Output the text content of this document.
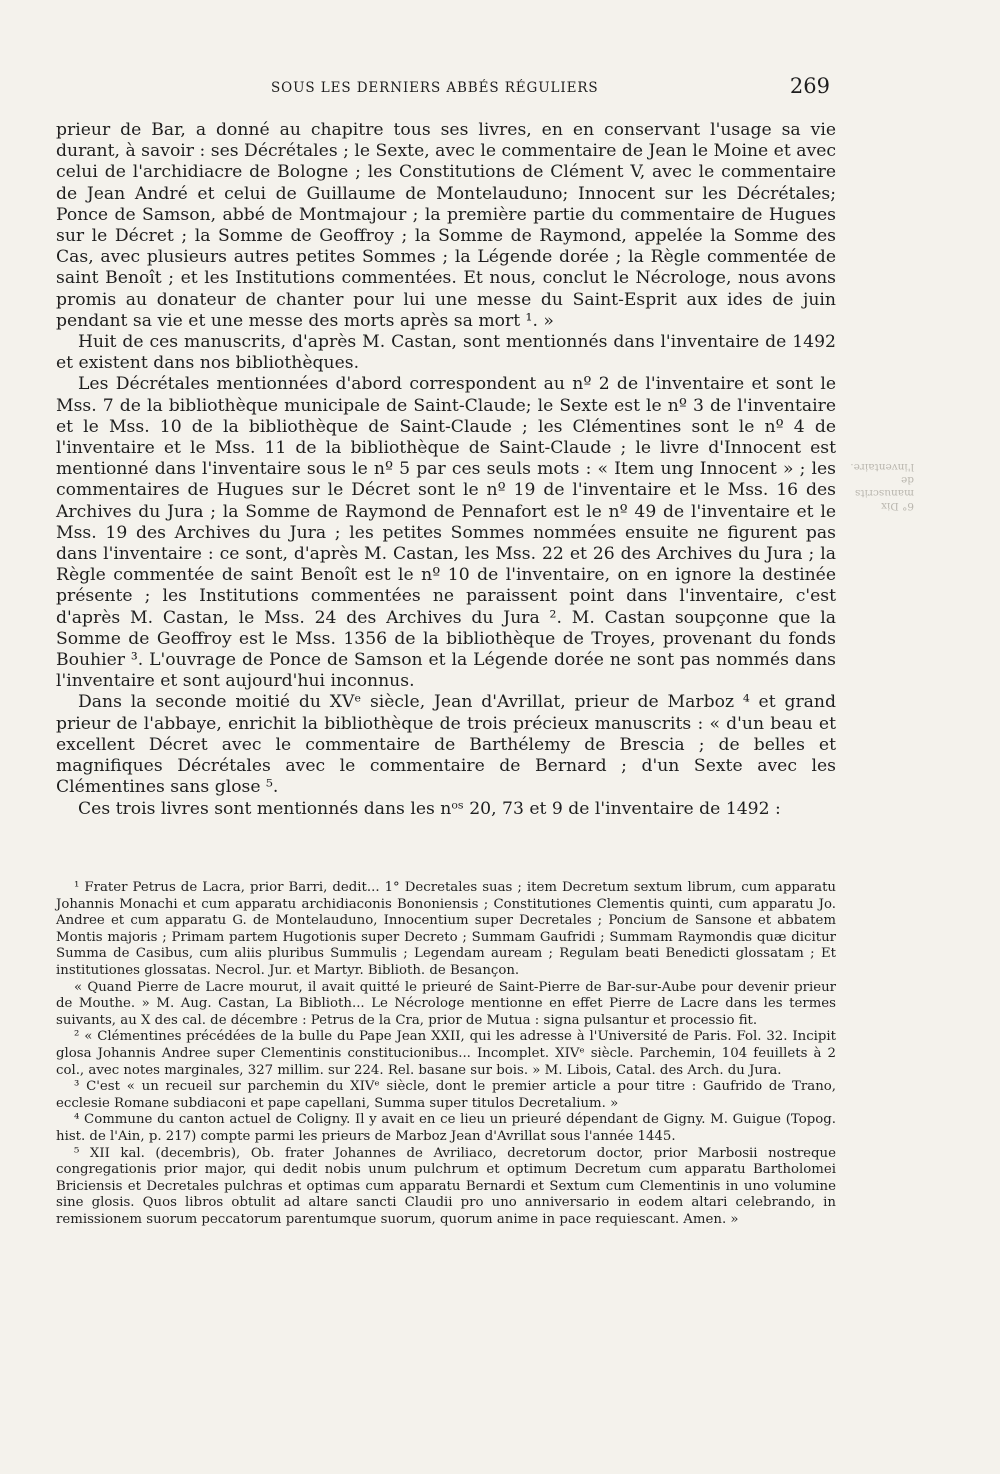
SOUS LES DERNIERS ABBÉS RÉGULIERS	269

prieur de Bar, a donné au chapitre tous ses livres, en en conservant l'usage sa vie durant, à savoir : ses Décrétales ; le Sexte, avec le commentaire de Jean le Moine et avec celui de l'archidiacre de Bologne ; les Constitutions de Clément V, avec le commentaire de Jean André et celui de Guillaume de Montelauduno; Innocent sur les Décrétales; Ponce de Samson, abbé de Montmajour ; la première partie du commentaire de Hugues sur le Décret ; la Somme de Geoffroy ; la Somme de Raymond, appelée la Somme des Cas, avec plusieurs autres petites Sommes ; la Légende dorée ; la Règle commentée de saint Benoît ; et les Institutions commentées. Et nous, conclut le Nécrologe, nous avons promis au donateur de chanter pour lui une messe du Saint-Esprit aux ides de juin pendant sa vie et une messe des morts après sa mort ¹. »

Huit de ces manuscrits, d'après M. Castan, sont mentionnés dans l'inventaire de 1492 et existent dans nos bibliothèques.

Les Décrétales mentionnées d'abord correspondent au nº 2 de l'inventaire et sont le Mss. 7 de la bibliothèque municipale de Saint-Claude; le Sexte est le nº 3 de l'inventaire et le Mss. 10 de la bibliothèque de Saint-Claude ; les Clémentines sont le nº 4 de l'inventaire et le Mss. 11 de la bibliothèque de Saint-Claude ; le livre d'Innocent est mentionné dans l'inventaire sous le nº 5 par ces seuls mots : « Item ung Innocent » ; les commentaires de Hugues sur le Décret sont le nº 19 de l'inventaire et le Mss. 16 des Archives du Jura ; la Somme de Raymond de Pennafort est le nº 49 de l'inventaire et le Mss. 19 des Archives du Jura ; les petites Sommes nommées ensuite ne figurent pas dans l'inventaire : ce sont, d'après M. Castan, les Mss. 22 et 26 des Archives du Jura ; la Règle commentée de saint Benoît est le nº 10 de l'inventaire, on en ignore la destinée présente ; les Institutions commentées ne paraissent point dans l'inventaire, c'est d'après M. Castan, le Mss. 24 des Archives du Jura ². M. Castan soupçonne que la Somme de Geoffroy est le Mss. 1356 de la bibliothèque de Troyes, provenant du fonds Bouhier ³. L'ouvrage de Ponce de Samson et la Légende dorée ne sont pas nommés dans l'inventaire et sont aujourd'hui inconnus.

Dans la seconde moitié du XVᵉ siècle, Jean d'Avrillat, prieur de Marboz ⁴ et grand prieur de l'abbaye, enrichit la bibliothèque de trois précieux manuscrits : « d'un beau et excellent Décret avec le commentaire de Barthélemy de Brescia ; de belles et magnifiques Décrétales avec le commentaire de Bernard ; d'un Sexte avec les Clémentines sans glose ⁵.

Ces trois livres sont mentionnés dans les nᵒˢ 20, 73 et 9 de l'inventaire de 1492 :

6° Dix manuscrits de l'inventaire.

¹ Frater Petrus de Lacra, prior Barri, dedit... 1° Decretales suas ; item Decretum sextum librum, cum apparatu Johannis Monachi et cum apparatu archidiaconis Bononiensis ; Constitutiones Clementis quinti, cum apparatu Jo. Andree et cum apparatu G. de Montelauduno, Innocentium super Decretales ; Poncium de Sansone et abbatem Montis majoris ; Primam partem Hugotionis super Decreto ; Summam Gaufridi ; Summam Raymondis quæ dicitur Summa de Casibus, cum aliis pluribus Summulis ; Legendam auream ; Regulam beati Benedicti glossatam ; Et institutiones glossatas. Necrol. Jur. et Martyr. Biblioth. de Besançon.

« Quand Pierre de Lacre mourut, il avait quitté le prieuré de Saint-Pierre de Bar-sur-Aube pour devenir prieur de Mouthe. » M. Aug. Castan, La Biblioth... Le Nécrologe mentionne en effet Pierre de Lacre dans les termes suivants, au X des cal. de décembre : Petrus de la Cra, prior de Mutua : signa pulsantur et processio fit.

² « Clémentines précédées de la bulle du Pape Jean XXII, qui les adresse à l'Université de Paris. Fol. 32. Incipit glosa Johannis Andree super Clementinis constitucionibus... Incomplet. XIVᵉ siècle. Parchemin, 104 feuillets à 2 col., avec notes marginales, 327 millim. sur 224. Rel. basane sur bois. » M. Libois, Catal. des Arch. du Jura.

³ C'est « un recueil sur parchemin du XIVᵉ siècle, dont le premier article a pour titre : Gaufrido de Trano, ecclesie Romane subdiaconi et pape capellani, Summa super titulos Decretalium. »

⁴ Commune du canton actuel de Coligny. Il y avait en ce lieu un prieuré dépendant de Gigny. M. Guigue (Topog. hist. de l'Ain, p. 217) compte parmi les prieurs de Marboz Jean d'Avrillat sous l'année 1445.

⁵ XII kal. (decembris), Ob. frater Johannes de Avriliaco, decretorum doctor, prior Marbosii nostreque congregationis prior major, qui dedit nobis unum pulchrum et optimum Decretum cum apparatu Bartholomei Briciensis et Decretales pulchras et optimas cum apparatu Bernardi et Sextum cum Clementinis in uno volumine sine glosis. Quos libros obtulit ad altare sancti Claudii pro uno anniversario in eodem altari celebrando, in remissionem suorum peccatorum parentumque suorum, quorum anime in pace requiescant. Amen. »
